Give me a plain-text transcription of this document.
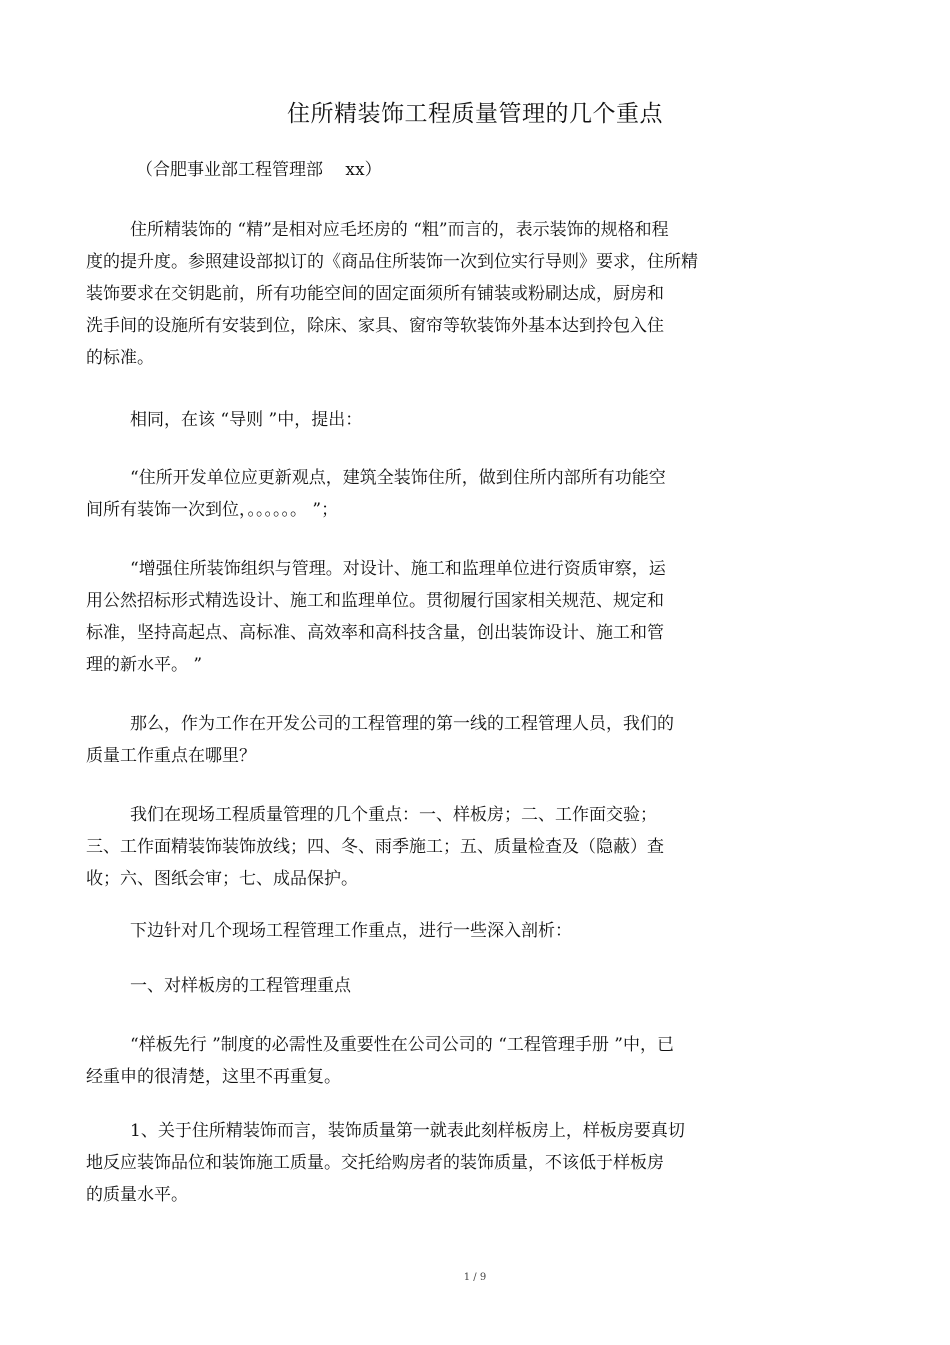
住所精装饰工程质量管理的几个重点
（合肥事业部工程管理部 　xx）
住所精装饰的 “精”是相对应毛坯房的 “粗”而言的，表示装饰的规格和程
度的提升度。参照建设部拟订的《商品住所装饰一次到位实行导则》要求，住所精
装饰要求在交钥匙前，所有功能空间的固定面须所有铺装或粉刷达成，厨房和
洗手间的设施所有安装到位，除床、家具、窗帘等软装饰外基本达到拎包入住
的标准。
相同，在该 “导则 ”中，提出：
“住所开发单位应更新观点，建筑全装饰住所，做到住所内部所有功能空
间所有装饰一次到位，。。。。。。 ”；
“增强住所装饰组织与管理。对设计、施工和监理单位进行资质审察，运
用公然招标形式精选设计、施工和监理单位。贯彻履行国家相关规范、规定和
标准，坚持高起点、高标准、高效率和高科技含量，创出装饰设计、施工和管
理的新水平。 ”
那么，作为工作在开发公司的工程管理的第一线的工程管理人员，我们的
质量工作重点在哪里？
我们在现场工程质量管理的几个重点：一、样板房；二、工作面交验；
三、工作面精装饰装饰放线；四、冬、雨季施工；五、质量检查及（隐蔽）查
收；六、图纸会审；七、成品保护。
下边针对几个现场工程管理工作重点，进行一些深入剖析：
一、对样板房的工程管理重点
“样板先行 ”制度的必需性及重要性在公司公司的 “工程管理手册 ”中，已
经重申的很清楚，这里不再重复。
1、关于住所精装饰而言，装饰质量第一就表此刻样板房上，样板房要真切
地反应装饰品位和装饰施工质量。交托给购房者的装饰质量，不该低于样板房
的质量水平。
1 / 9
